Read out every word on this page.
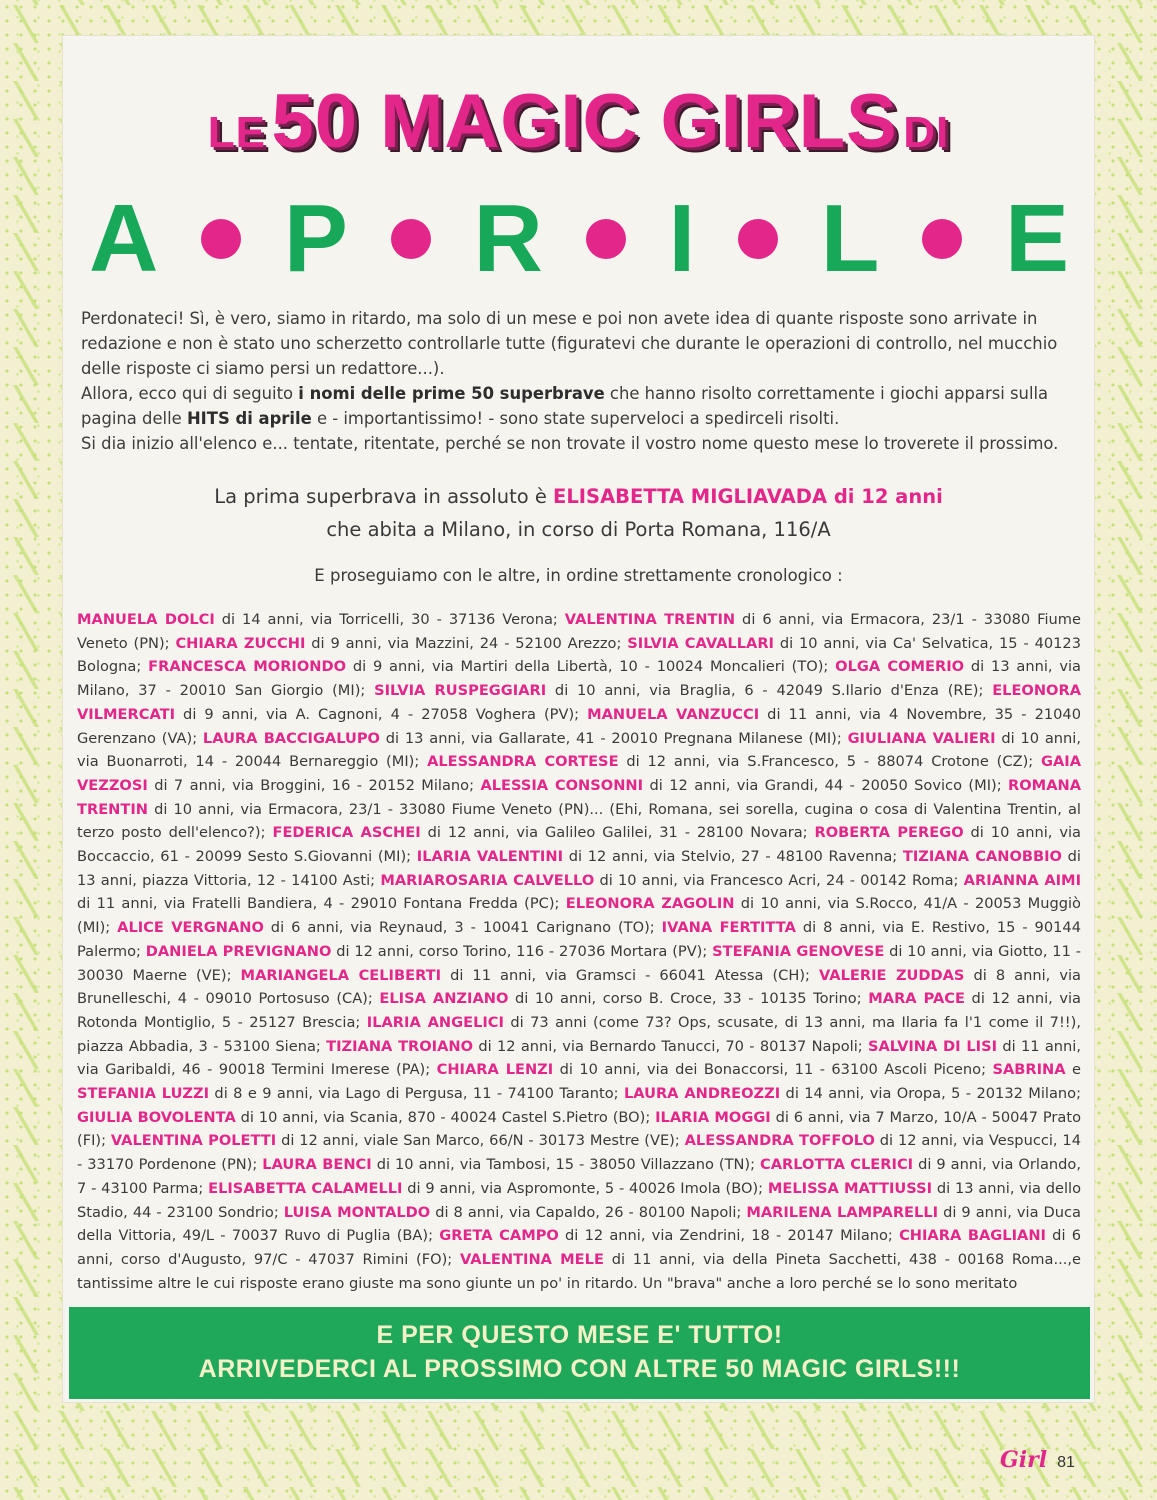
LE 50 MAGIC GIRLS DI
A P R I L E

Perdonateci! Sì, è vero, siamo in ritardo, ma solo di un mese e poi non avete idea di quante risposte sono arrivate in redazione e non è stato uno scherzetto controllarle tutte (figuratevi che durante le operazioni di controllo, nel mucchio delle risposte ci siamo persi un redattore...).

Allora, ecco qui di seguito i nomi delle prime 50 superbrave che hanno risolto correttamente i giochi apparsi sulla pagina delle HITS di aprile e - importantissimo! - sono state superveloci a spedirceli risolti.

Si dia inizio all'elenco e... tentate, ritentate, perché se non trovate il vostro nome questo mese lo troverete il prossimo.

La prima superbrava in assoluto è ELISABETTA MIGLIAVADA di 12 anni
che abita a Milano, in corso di Porta Romana, 116/A
E proseguiamo con le altre, in ordine strettamente cronologico :
MANUELA DOLCI di 14 anni, via Torricelli, 30 - 37136 Verona; VALENTINA TRENTIN di 6 anni, via Ermacora, 23/1 - 33080 Fiume Veneto (PN); CHIARA ZUCCHI di 9 anni, via Mazzini, 24 - 52100 Arezzo; SILVIA CAVALLARI di 10 anni, via Ca' Selvatica, 15 - 40123 Bologna; FRANCESCA MORIONDO di 9 anni, via Martiri della Libertà, 10 - 10024 Moncalieri (TO); OLGA COMERIO di 13 anni, via Milano, 37 - 20010 San Giorgio (MI); SILVIA RUSPEGGIARI di 10 anni, via Braglia, 6 - 42049 S.Ilario d'Enza (RE); ELEONORA VILMERCATI di 9 anni, via A. Cagnoni, 4 - 27058 Voghera (PV); MANUELA VANZUCCI di 11 anni, via 4 Novembre, 35 - 21040 Gerenzano (VA); LAURA BACCIGALUPO di 13 anni, via Gallarate, 41 - 20010 Pregnana Milanese (MI); GIULIANA VALIERI di 10 anni, via Buonarroti, 14 - 20044 Bernareggio (MI); ALESSANDRA CORTESE di 12 anni, via S.Francesco, 5 - 88074 Crotone (CZ); GAIA VEZZOSI di 7 anni, via Broggini, 16 - 20152 Milano; ALESSIA CONSONNI di 12 anni, via Grandi, 44 - 20050 Sovico (MI); ROMANA TRENTIN di 10 anni, via Ermacora, 23/1 - 33080 Fiume Veneto (PN)... (Ehi, Romana, sei sorella, cugina o cosa di Valentina Trentin, al terzo posto dell'elenco?); FEDERICA ASCHEI di 12 anni, via Galileo Galilei, 31 - 28100 Novara; ROBERTA PEREGO di 10 anni, via Boccaccio, 61 - 20099 Sesto S.Giovanni (MI); ILARIA VALENTINI di 12 anni, via Stelvio, 27 - 48100 Ravenna; TIZIANA CANOBBIO di 13 anni, piazza Vittoria, 12 - 14100 Asti; MARIAROSARIA CALVELLO di 10 anni, via Francesco Acri, 24 - 00142 Roma; ARIANNA AIMI di 11 anni, via Fratelli Bandiera, 4 - 29010 Fontana Fredda (PC); ELEONORA ZAGOLIN di 10 anni, via S.Rocco, 41/A - 20053 Muggiò (MI); ALICE VERGNANO di 6 anni, via Reynaud, 3 - 10041 Carignano (TO); IVANA FERTITTA di 8 anni, via E. Restivo, 15 - 90144 Palermo; DANIELA PREVIGNANO di 12 anni, corso Torino, 116 - 27036 Mortara (PV); STEFANIA GENOVESE di 10 anni, via Giotto, 11 - 30030 Maerne (VE); MARIANGELA CELIBERTI di 11 anni, via Gramsci - 66041 Atessa (CH); VALERIE ZUDDAS di 8 anni, via Brunelleschi, 4 - 09010 Portosuso (CA); ELISA ANZIANO di 10 anni, corso B. Croce, 33 - 10135 Torino; MARA PACE di 12 anni, via Rotonda Montiglio, 5 - 25127 Brescia; ILARIA ANGELICI di 73 anni (come 73? Ops, scusate, di 13 anni, ma Ilaria fa l'1 come il 7!!), piazza Abbadia, 3 - 53100 Siena; TIZIANA TROIANO di 12 anni, via Bernardo Tanucci, 70 - 80137 Napoli; SALVINA DI LISI di 11 anni, via Garibaldi, 46 - 90018 Termini Imerese (PA); CHIARA LENZI di 10 anni, via dei Bonaccorsi, 11 - 63100 Ascoli Piceno; SABRINA e STEFANIA LUZZI di 8 e 9 anni, via Lago di Pergusa, 11 - 74100 Taranto; LAURA ANDREOZZI di 14 anni, via Oropa, 5 - 20132 Milano; GIULIA BOVOLENTA di 10 anni, via Scania, 870 - 40024 Castel S.Pietro (BO); ILARIA MOGGI di 6 anni, via 7 Marzo, 10/A - 50047 Prato (FI); VALENTINA POLETTI di 12 anni, viale San Marco, 66/N - 30173 Mestre (VE); ALESSANDRA TOFFOLO di 12 anni, via Vespucci, 14 - 33170 Pordenone (PN); LAURA BENCI di 10 anni, via Tambosi, 15 - 38050 Villazzano (TN); CARLOTTA CLERICI di 9 anni, via Orlando, 7 - 43100 Parma; ELISABETTA CALAMELLI di 9 anni, via Aspromonte, 5 - 40026 Imola (BO); MELISSA MATTIUSSI di 13 anni, via dello Stadio, 44 - 23100 Sondrio; LUISA MONTALDO di 8 anni, via Capaldo, 26 - 80100 Napoli; MARILENA LAMPARELLI di 9 anni, via Duca della Vittoria, 49/L - 70037 Ruvo di Puglia (BA); GRETA CAMPO di 12 anni, via Zendrini, 18 - 20147 Milano; CHIARA BAGLIANI di 6 anni, corso d'Augusto, 97/C - 47037 Rimini (FO); VALENTINA MELE di 11 anni, via della Pineta Sacchetti, 438 - 00168 Roma...,e tantissime altre le cui risposte erano giuste ma sono giunte un po' in ritardo. Un "brava" anche a loro perché se lo sono meritato
E PER QUESTO MESE E' TUTTO!
ARRIVEDERCI AL PROSSIMO CON ALTRE 50 MAGIC GIRLS!!!
Girl 81
